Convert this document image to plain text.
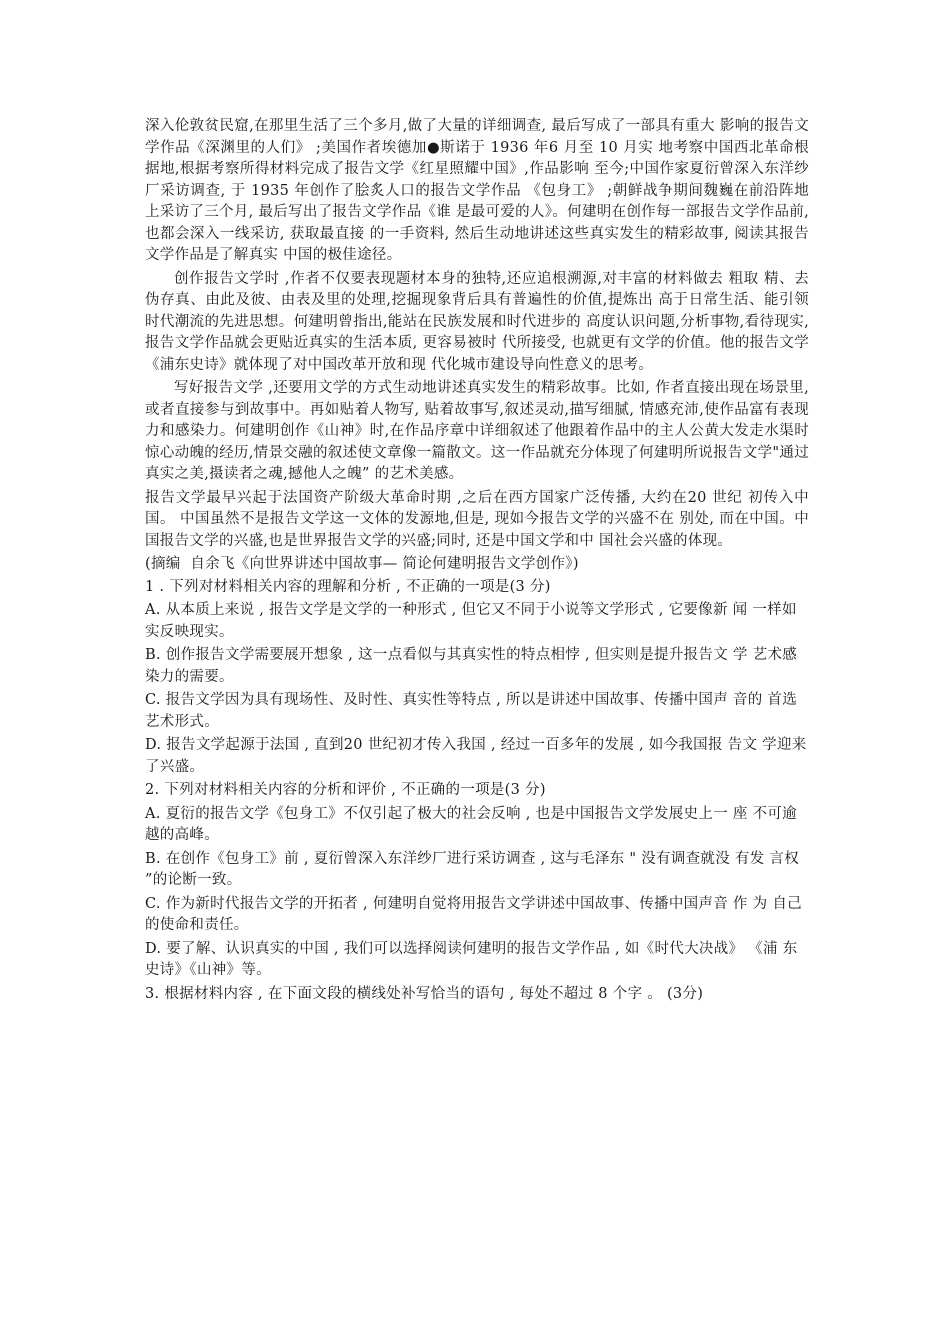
深入伦敦贫民窟,在那里生活了三个多月,做了大量的详细调查, 最后写成了一部具有重大 影响的报告文学作品《深渊里的人们》 ;美国作者埃德加●斯诺于 1936 年6 月至 10 月实 地考察中国西北革命根据地,根据考察所得材料完成了报告文学《红星照耀中国》,作品影响 至今;中国作家夏衍曾深入东洋纱厂采访调查, 于 1935 年创作了脍炙人口的报告文学作品 《包身工》 ;朝鲜战争期间魏巍在前沿阵地上采访了三个月, 最后写出了报告文学作品《谁 是最可爱的人》。何建明在创作每一部报告文学作品前,也都会深入一线采访, 获取最直接 的一手资料, 然后生动地讲述这些真实发生的精彩故事, 阅读其报告文学作品是了解真实 中国的极佳途径。

创作报告文学时 ,作者不仅要表现题材本身的独特,还应追根溯源,对丰富的材料做去 粗取 精、去伪存真、由此及彼、由表及里的处理,挖掘现象背后具有普遍性的价值,提炼出 高于日常生活、能引领时代潮流的先进思想。何建明曾指出,能站在民族发展和时代进步的 高度认识问题,分析事物,看待现实,报告文学作品就会更贴近真实的生活本质, 更容易被时 代所接受, 也就更有文学的价值。他的报告文学《浦东史诗》就体现了对中国改革开放和现 代化城市建设导向性意义的思考。

写好报告文学 ,还要用文学的方式生动地讲述真实发生的精彩故事。比如, 作者直接出现在场景里,或者直接参与到故事中。再如贴着人物写, 贴着故事写,叙述灵动,描写细腻, 情感充沛,使作品富有表现力和感染力。何建明创作《山神》时,在作品序章中详细叙述了他跟着作品中的主人公黄大发走水渠时惊心动魄的经历,情景交融的叙述使文章像一篇散文。这一作品就充分体现了何建明所说报告文学"通过真实之美,摄读者之魂,撼他人之魄” 的艺术美感。

报告文学最早兴起于法国资产阶级大革命时期 ,之后在西方国家广泛传播, 大约在20 世纪 初传入中国。 中国虽然不是报告文学这一文体的发源地,但是, 现如今报告文学的兴盛不在 别处, 而在中国。中国报告文学的兴盛,也是世界报告文学的兴盛;同时, 还是中国文学和中 国社会兴盛的体现。

(摘编  自余飞《向世界讲述中国故事— 简论何建明报告文学创作》)

1 . 下列对材料相关内容的理解和分析 , 不正确的一项是(3 分)

A. 从本质上来说 , 报告文学是文学的一种形式 , 但它又不同于小说等文学形式 , 它要像新 闻 一样如实反映现实。

B. 创作报告文学需要展开想象 , 这一点看似与其真实性的特点相悖 , 但实则是提升报告文 学 艺术感染力的需要。

C. 报告文学因为具有现场性、及时性、真实性等特点 , 所以是讲述中国故事、传播中国声 音的 首选艺术形式。

D. 报告文学起源于法国 , 直到20 世纪初才传入我国 , 经过一百多年的发展 , 如今我国报 告文 学迎来了兴盛。

2. 下列对材料相关内容的分析和评价 , 不正确的一项是(3 分)

A. 夏衍的报告文学《包身工》不仅引起了极大的社会反响 , 也是中国报告文学发展史上一 座 不可逾越的高峰。

B. 在创作《包身工》前 , 夏衍曾深入东洋纱厂进行采访调查 , 这与毛泽东 " 没有调查就没 有发 言权 ”的论断一致。

C. 作为新时代报告文学的开拓者 , 何建明自觉将用报告文学讲述中国故事、传播中国声音 作 为 自己的使命和责任。

D. 要了解、认识真实的中国 , 我们可以选择阅读何建明的报告文学作品 , 如《时代大决战》 《浦 东史诗》《山神》等。

3. 根据材料内容 , 在下面文段的横线处补写恰当的语句 , 每处不超过 8 个字 。 (3分)
